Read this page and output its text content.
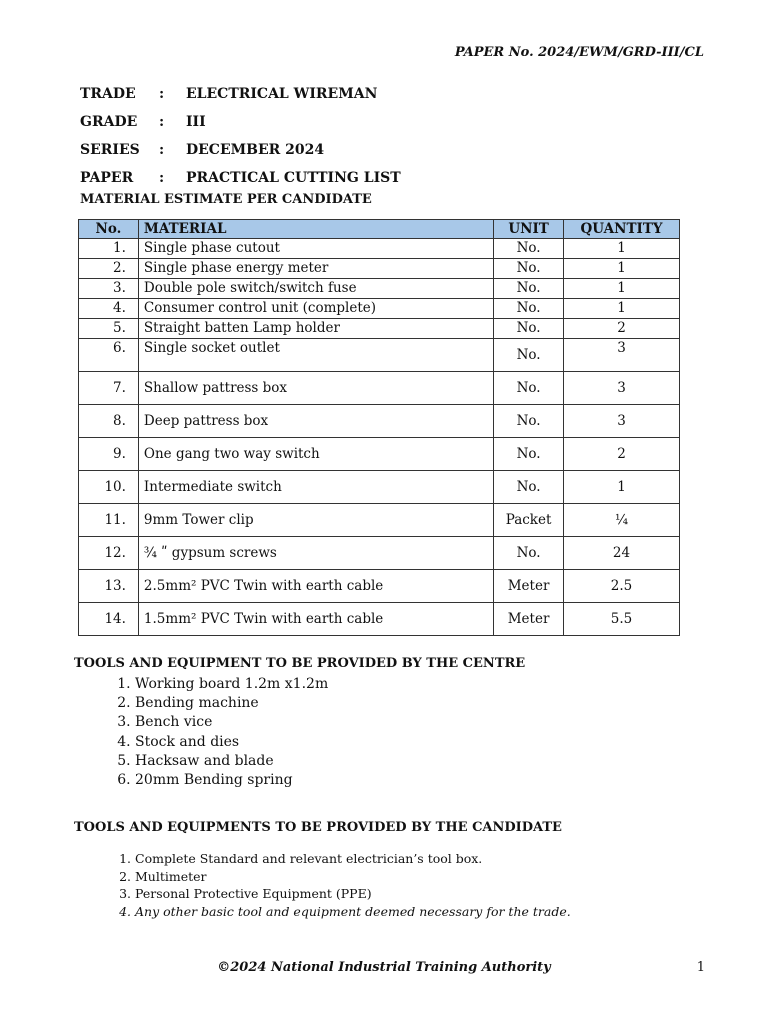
PAPER No. 2024/EWM/GRD-III/CL
TRADE	:	ELECTRICAL WIREMAN
GRADE	:	III
SERIES	:	DECEMBER 2024
PAPER	:	PRACTICAL CUTTING LIST
MATERIAL ESTIMATE PER CANDIDATE
No.	MATERIAL	UNIT	QUANTITY
1.	Single phase cutout	No.	1
2.	Single phase energy meter	No.	1
3.	Double pole switch/switch fuse	No.	1
4.	Consumer control unit (complete)	No.	1
5.	Straight batten Lamp holder	No.	2
6.	Single socket outlet	No.	3
7.	Shallow pattress box	No.	3
8.	Deep pattress box	No.	3
9.	One gang two way switch	No.	2
10.	Intermediate switch	No.	1
11.	9mm Tower clip	Packet	¼
12.	¾ ʺ gypsum screws	No.	24
13.	2.5mm² PVC Twin with earth cable	Meter	2.5
14.	1.5mm² PVC Twin with earth cable	Meter	5.5
TOOLS AND EQUIPMENT TO BE PROVIDED BY THE CENTRE
1. Working board 1.2m x1.2m
2. Bending machine
3. Bench vice
4. Stock and dies
5. Hacksaw and blade
6. 20mm Bending spring
TOOLS AND EQUIPMENTS TO BE PROVIDED BY THE CANDIDATE
1. Complete Standard and relevant electrician’s tool box.
2. Multimeter
3. Personal Protective Equipment (PPE)
4. Any other basic tool and equipment deemed necessary for the trade.
©2024 National Industrial Training Authority	1
